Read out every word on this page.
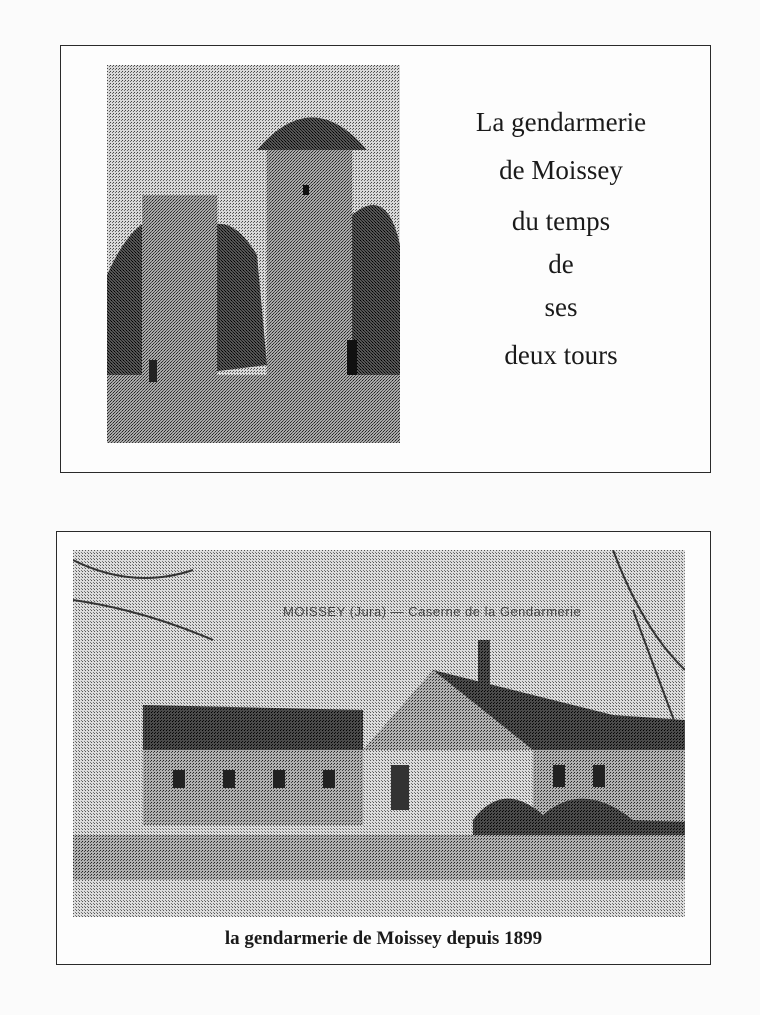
La gendarmerie
de Moissey
du temps
de
ses
deux tours
MOISSEY (Jura) — Caserne de la Gendarmerie
la gendarmerie de Moissey depuis 1899
